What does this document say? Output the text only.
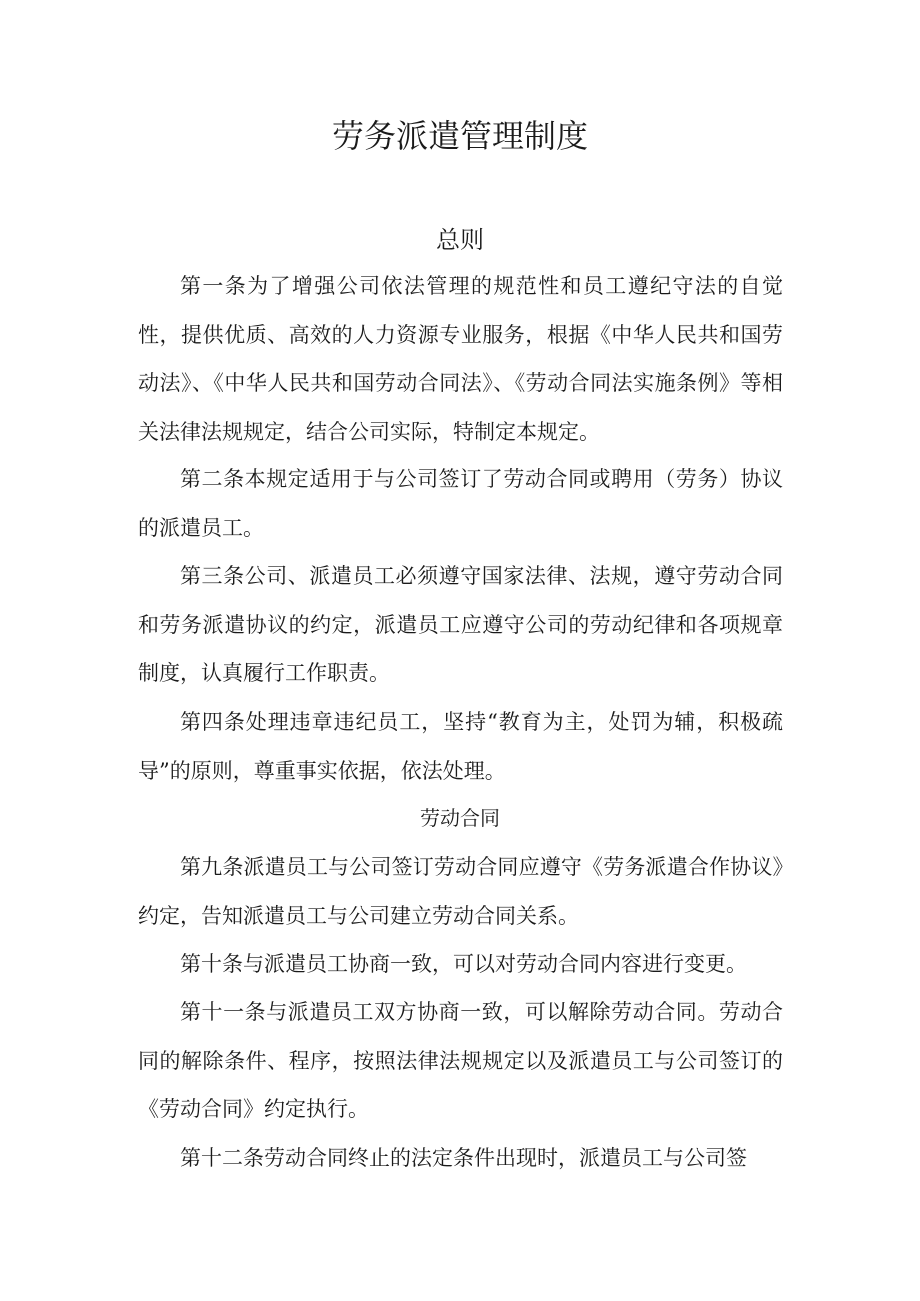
劳务派遣管理制度
总则

第一条为了增强公司依法管理的规范性和员工遵纪守法的自觉性，提供优质、高效的人力资源专业服务，根据《中华人民共和国劳动法》、《中华人民共和国劳动合同法》、《劳动合同法实施条例》等相关法律法规规定，结合公司实际，特制定本规定。

第二条本规定适用于与公司签订了劳动合同或聘用（劳务）协议的派遣员工。

第三条公司、派遣员工必须遵守国家法律、法规，遵守劳动合同和劳务派遣协议的约定，派遣员工应遵守公司的劳动纪律和各项规章制度，认真履行工作职责。

第四条处理违章违纪员工，坚持“教育为主，处罚为辅，积极疏导”的原则，尊重事实依据，依法处理。

劳动合同

第九条派遣员工与公司签订劳动合同应遵守《劳务派遣合作协议》约定，告知派遣员工与公司建立劳动合同关系。

第十条与派遣员工协商一致，可以对劳动合同内容进行变更。

第十一条与派遣员工双方协商一致，可以解除劳动合同。劳动合同的解除条件、程序，按照法律法规规定以及派遣员工与公司签订的《劳动合同》约定执行。

第十二条劳动合同终止的法定条件出现时，派遣员工与公司签
